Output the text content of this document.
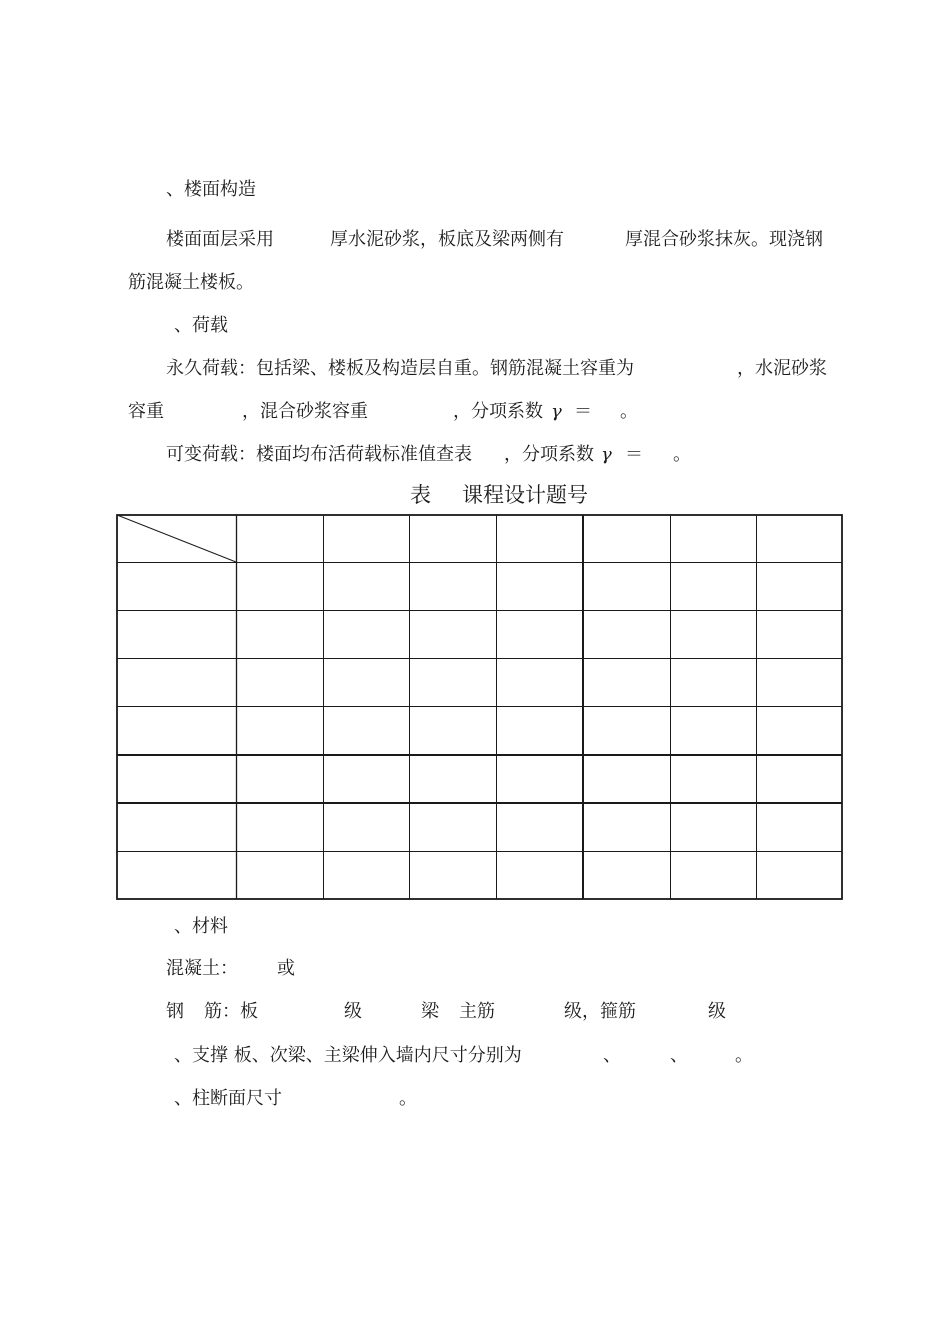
、楼面构造
楼面面层采用	厚水泥砂浆，板底及梁两侧有	厚混合砂浆抹灰。现浇钢
筋混凝土楼板。
、荷载
永久荷载：包括梁、楼板及构造层自重。钢筋混凝土容重为	，水泥砂浆
容重	，混合砂浆容重	，分项系数 γ ＝ 。
可变荷载：楼面均布活荷载标准值查表 ，分项系数 γ ＝ 。
表 课程设计题号
、材料
混凝土： 或
钢 筋：板	级	梁 主筋	级，箍筋	级
、支撑 板、次梁、主梁伸入墙内尺寸分别为	、	、	。
、柱断面尺寸	。
